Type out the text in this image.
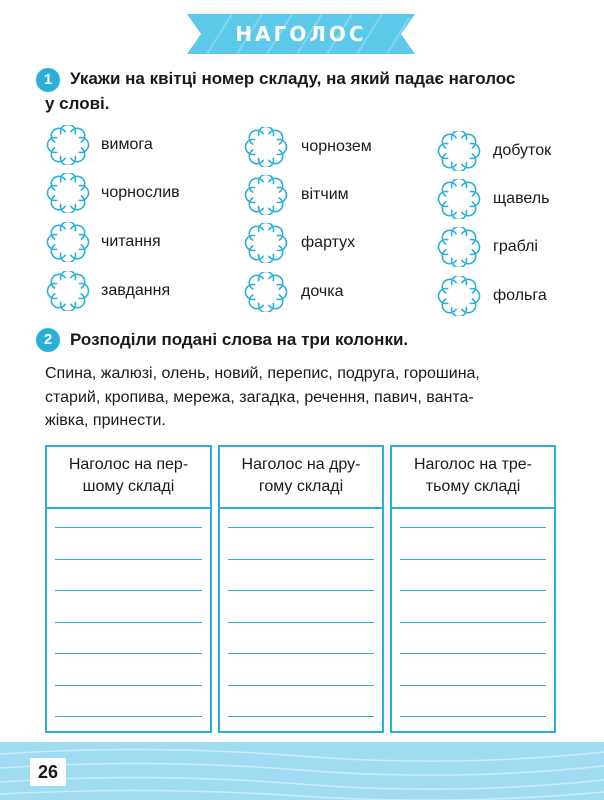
НАГОЛОС
1	Укажи на квітці номер складу, на який падає наголос
у слові.
вимога
чорнослив
читання
завдання
чорнозем
вітчим
фартух
дочка
добуток
щавель
граблі
фольга
2	Розподіли подані слова на три колонки.
Спина, жалюзі, олень, новий, перепис, подруга, горошина,
старий, кропива, мережа, загадка, речення, павич, ванта-
жівка, принести.
Наголос на пер-
шому складі
Наголос на дру-
гому складі
Наголос на тре-
тьому складі
26
